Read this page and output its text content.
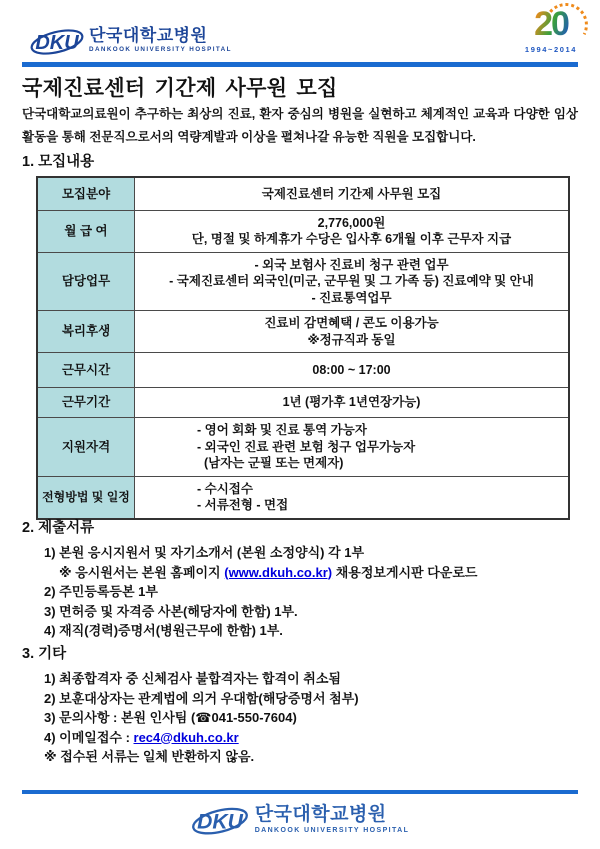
DKU 단국대학교병원
DANKOOK UNIVERSITY HOSPITAL
20
1994~2014
국제진료센터 기간제 사무원 모집
단국대학교의료원이 추구하는 최상의 진료, 환자 중심의 병원을 실현하고 체계적인 교육과 다양한 임상활동을 통해 전문직으로서의 역량계발과 이상을 펼쳐나갈 유능한 직원을 모집합니다.
1. 모집내용
모집분야	국제진료센터 기간제 사무원 모집

월 급 여	2,776,000원
단, 명절 및 하계휴가 수당은 입사후 6개월 이후 근무자 지급

담당업무	- 외국 보험사 진료비 청구 관련 업무
- 국제진료센터 외국인(미군, 군무원 및 그 가족 등) 진료예약 및 안내
- 진료통역업무

복리후생	진료비 감면혜택 / 콘도 이용가능
※정규직과 동일

근무시간	08:00 ~ 17:00

근무기간	1년 (평가후 1년연장가능)

지원자격	- 영어 회화 및 진료 통역 가능자
- 외국인 진료 관련 보험 청구 업무가능자
(남자는 군필 또는 면제자)

전형방법 및 일정	- 수시접수
- 서류전형 - 면접
2. 제출서류
1) 본원 응시지원서 및 자기소개서 (본원 소정양식) 각 1부
※ 응시원서는 본원 홈페이지 (www.dkuh.co.kr) 채용정보게시판 다운로드
2) 주민등록등본 1부
3) 면허증 및 자격증 사본(해당자에 한함) 1부.
4) 재직(경력)증명서(병원근무에 한함) 1부.
3. 기타
1) 최종합격자 중 신체검사 불합격자는 합격이 취소됨
2) 보훈대상자는 관계법에 의거 우대함(해당증명서 첨부)
3) 문의사항 : 본원 인사팀 (☎041-550-7604)
4) 이메일접수 : rec4@dkuh.co.kr
※ 접수된 서류는 일체 반환하지 않음.
DKU 단국대학교병원
DANKOOK UNIVERSITY HOSPITAL
